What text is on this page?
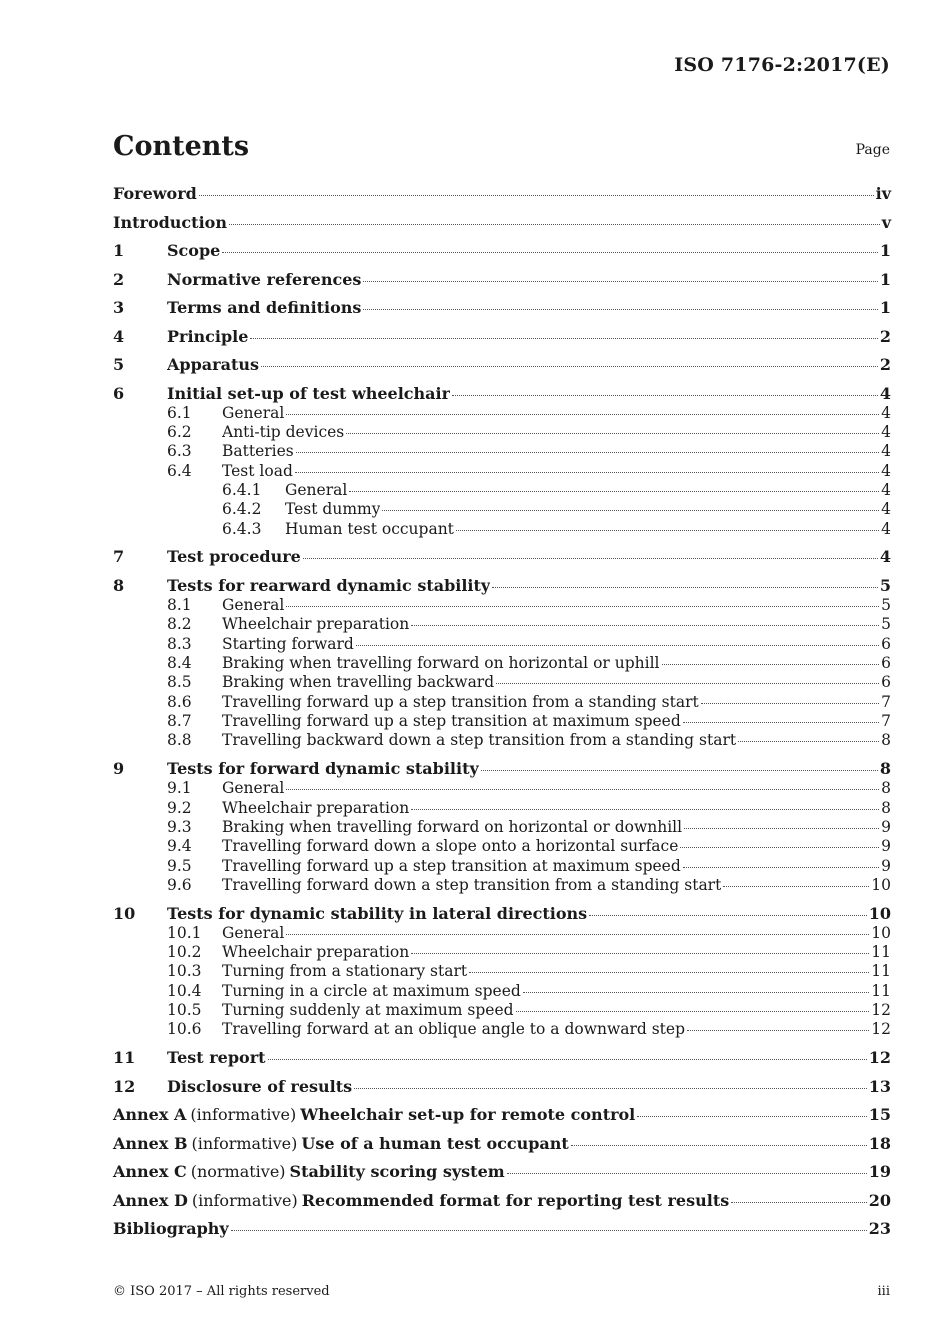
ISO 7176-2:2017(E)
Contents	Page
Foreword	iv
Introduction	v
1	Scope	1
2	Normative references	1
3	Terms and definitions	1
4	Principle	2
5	Apparatus	2
6	Initial set-up of test wheelchair	4
6.1	General	4
6.2	Anti-tip devices	4
6.3	Batteries	4
6.4	Test load	4
6.4.1	General	4
6.4.2	Test dummy	4
6.4.3	Human test occupant	4
7	Test procedure	4
8	Tests for rearward dynamic stability	5
8.1	General	5
8.2	Wheelchair preparation	5
8.3	Starting forward	6
8.4	Braking when travelling forward on horizontal or uphill	6
8.5	Braking when travelling backward	6
8.6	Travelling forward up a step transition from a standing start	7
8.7	Travelling forward up a step transition at maximum speed	7
8.8	Travelling backward down a step transition from a standing start	8
9	Tests for forward dynamic stability	8
9.1	General	8
9.2	Wheelchair preparation	8
9.3	Braking when travelling forward on horizontal or downhill	9
9.4	Travelling forward down a slope onto a horizontal surface	9
9.5	Travelling forward up a step transition at maximum speed	9
9.6	Travelling forward down a step transition from a standing start	10
10	Tests for dynamic stability in lateral directions	10
10.1	General	10
10.2	Wheelchair preparation	11
10.3	Turning from a stationary start	11
10.4	Turning in a circle at maximum speed	11
10.5	Turning suddenly at maximum speed	12
10.6	Travelling forward at an oblique angle to a downward step	12
11	Test report	12
12	Disclosure of results	13
Annex A (informative) Wheelchair set-up for remote control	15
Annex B (informative) Use of a human test occupant	18
Annex C (normative) Stability scoring system	19
Annex D (informative) Recommended format for reporting test results	20
Bibliography	23
© ISO 2017 – All rights reserved	iii
